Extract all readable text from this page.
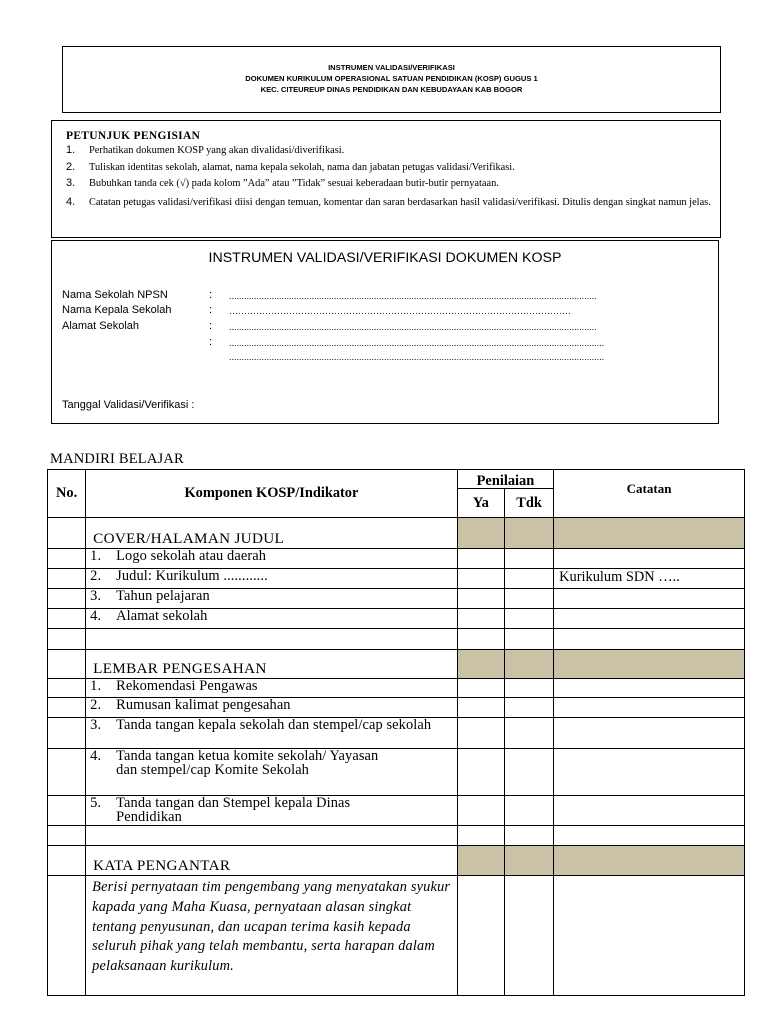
INSTRUMEN VALIDASI/VERIFIKASI
DOKUMEN KURIKULUM OPERASIONAL SATUAN PENDIDIKAN (KOSP) GUGUS 1
KEC. CITEUREUP DINAS PENDIDIKAN DAN KEBUDAYAAN KAB BOGOR
PETUNJUK PENGISIAN
1. Perhatikan dokumen KOSP yang akan divalidasi/diverifikasi.
2. Tuliskan identitas sekolah, alamat, nama kepala sekolah, nama dan jabatan petugas validasi/Verifikasi.
3. Bubuhkan tanda cek (√) pada kolom ”Ada” atau ”Tidak” sesuai keberadaan butir-butir pernyataan.
4. Catatan petugas validasi/verifikasi diisi dengan temuan, komentar dan saran berdasarkan hasil validasi/verifikasi. Ditulis dengan singkat namun jelas.
INSTRUMEN VALIDASI/VERIFIKASI DOKUMEN KOSP
Nama Sekolah NPSN	:	...................................................................................................................................................
Nama Kepala Sekolah	:	……………………………………………………………………………………………………
Alamat Sekolah	:	...................................................................................................................................................
:	......................................................................................................................................................
......................................................................................................................................................
Tanggal Validasi/Verifikasi :
MANDIRI BELAJAR
No.	Komponen KOSP/Indikator	Penilaian		Catatan
		Ya	Tdk	
	COVER/HALAMAN JUDUL			

	1. Logo sekolah atau daerah			

	2. Judul: Kurikulum ............			Kurikulum SDN …..

	3. Tahun pelajaran			

	4. Alamat sekolah			

	LEMBAR PENGESAHAN			

	1. Rekomendasi Pengawas			

	2. Rumusan kalimat pengesahan			

	3. Tanda tangan kepala sekolah dan stempel/cap sekolah			

	4. Tanda tangan ketua komite sekolah/ Yayasan dan stempel/cap Komite Sekolah			

	5. Tanda tangan dan Stempel kepala Dinas Pendidikan			

	KATA PENGANTAR			
	Berisi pernyataan tim pengembang yang menyatakan syukur kapada yang Maha Kuasa, pernyataan alasan singkat tentang penyusunan, dan ucapan terima kasih kepada seluruh pihak yang telah membantu, serta harapan dalam pelaksanaan kurikulum.			
